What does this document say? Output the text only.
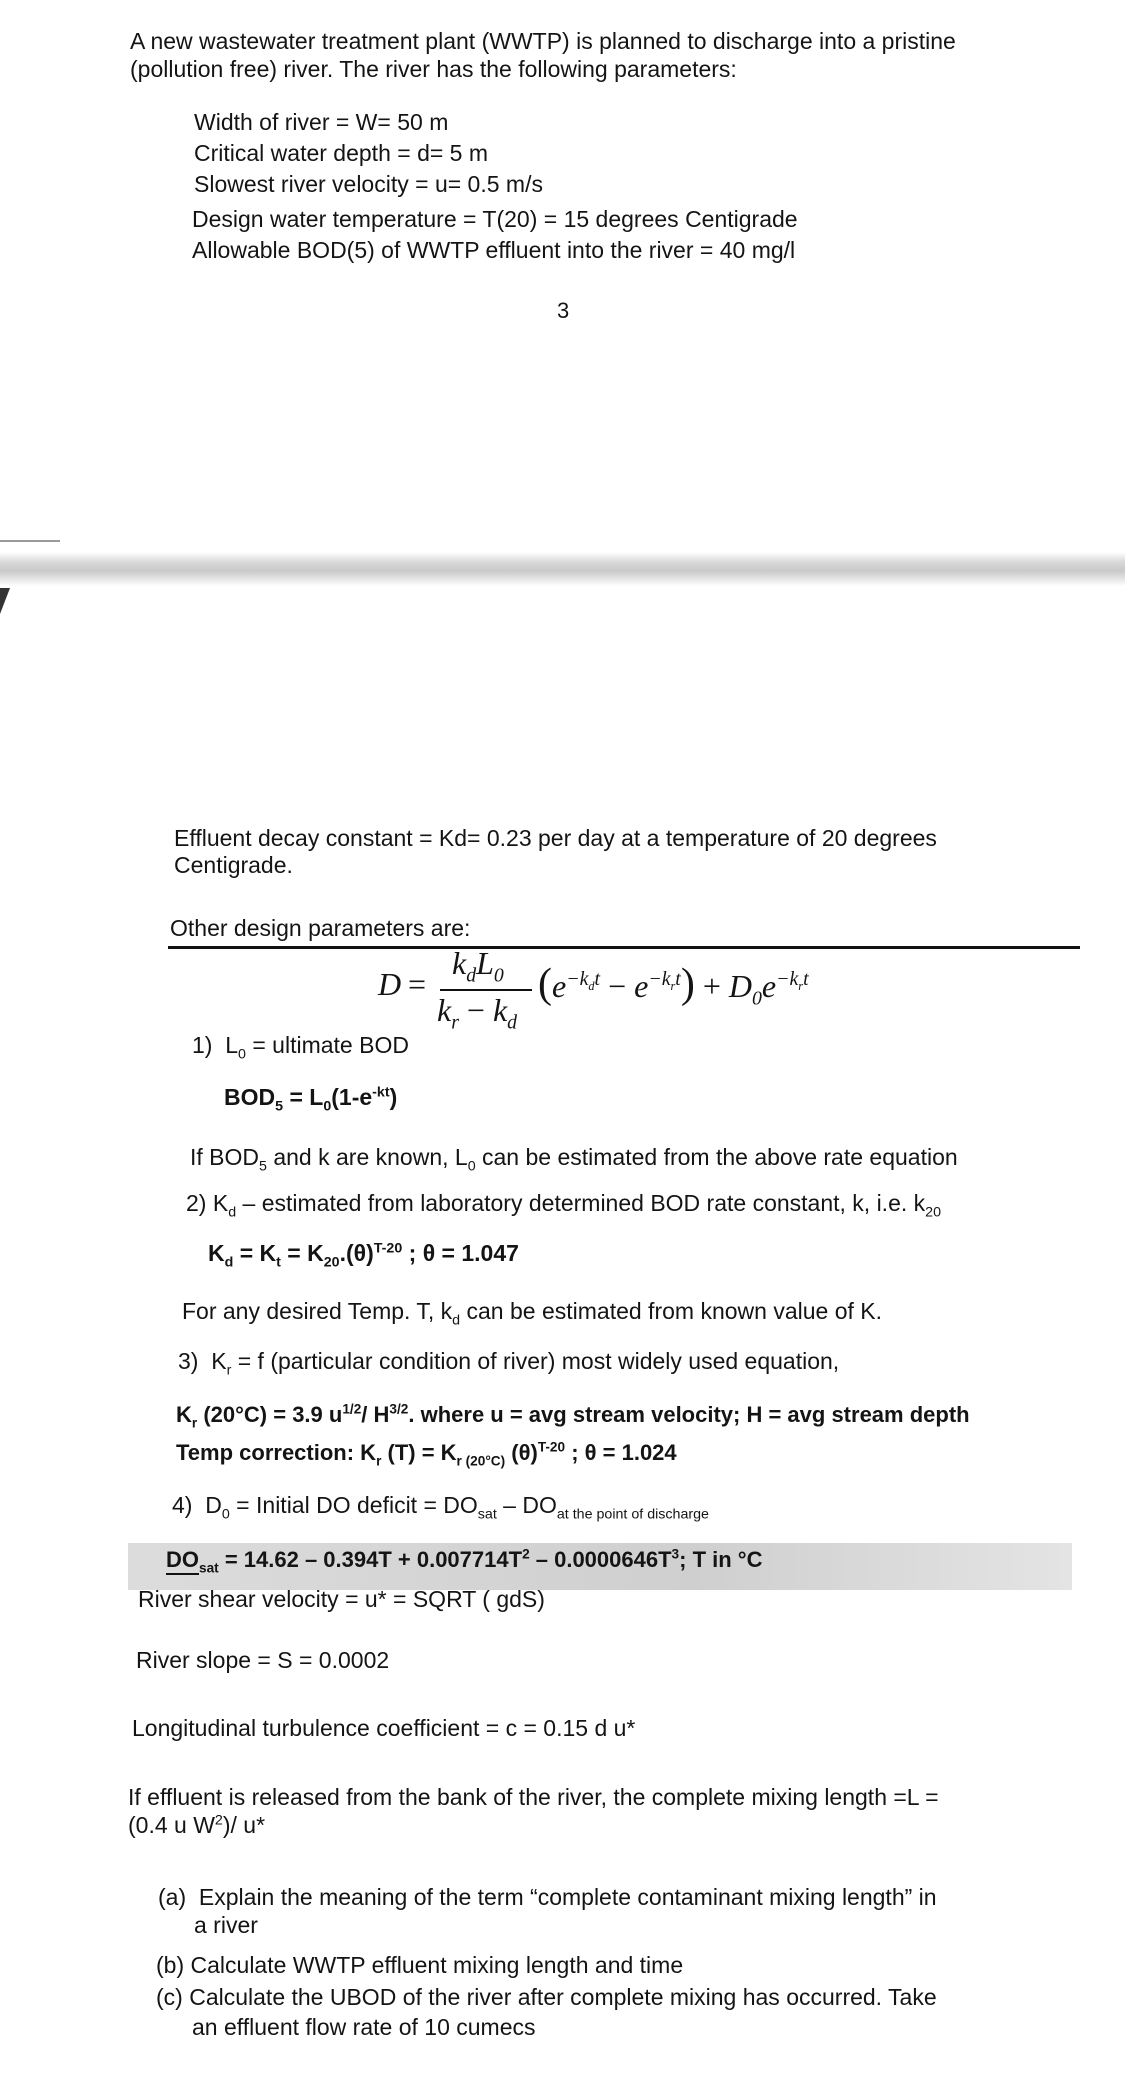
A new wastewater treatment plant (WWTP) is planned to discharge into a pristine
(pollution free) river. The river has the following parameters:
Width of river = W= 50 m
Critical water depth = d= 5 m
Slowest river velocity = u= 0.5 m/s
Design water temperature = T(20) = 15 degrees Centigrade
Allowable BOD(5) of WWTP effluent into the river = 40 mg/l
3
Effluent decay constant = Kd= 0.23 per day at a temperature of 20 degrees
Centigrade.
Other design parameters are:
D =
$k_dL_0$
$k_r - k_d$
$(e^{-k_dt} - e^{-k_rt}) + D_0e^{-k_rt}$
1) $L_0$ = ultimate BOD
$BOD_5 = L_0(1-e^{-kt})$
If $BOD_5$ and k are known, $L_0$ can be estimated from the above rate equation
2) $K_d$ – estimated from laboratory determined BOD rate constant, k, i.e. $k_{20}$
$K_d = K_t = K_{20}.(\theta)^{T-20}$ ; θ = 1.047
For any desired Temp. T, $k_d$ can be estimated from known value of K.
3) $K_r = f$ (particular condition of river) most widely used equation,
$K_r$ (20°C) = 3.9 $u^{1/2}/$ $H^{3/2}$. where u = avg stream velocity; H = avg stream depth
Temp correction: $K_r$ $(T) = K_{r (20^\circ C)}$ $(\theta)^{T-20}$ ; θ = 1.024
4) $D_0$ = Initial DO deficit = $DO_{sat} - DO_{at the point of discharge}$
$DO_{sat} = 14.62 - 0.394T + 0.007714T^2 - 0.0000646T^3$; T in °C
River shear velocity = u* = SQRT ( gdS)
River slope = S = 0.0002
Longitudinal turbulence coefficient = c = 0.15 d u*
If effluent is released from the bank of the river, the complete mixing length =L =
(0.4 u $W^2)/$ u*
(a) Explain the meaning of the term “complete contaminant mixing length” in
a river
(b) Calculate WWTP effluent mixing length and time
(c) Calculate the UBOD of the river after complete mixing has occurred. Take
an effluent flow rate of 10 cumecs
